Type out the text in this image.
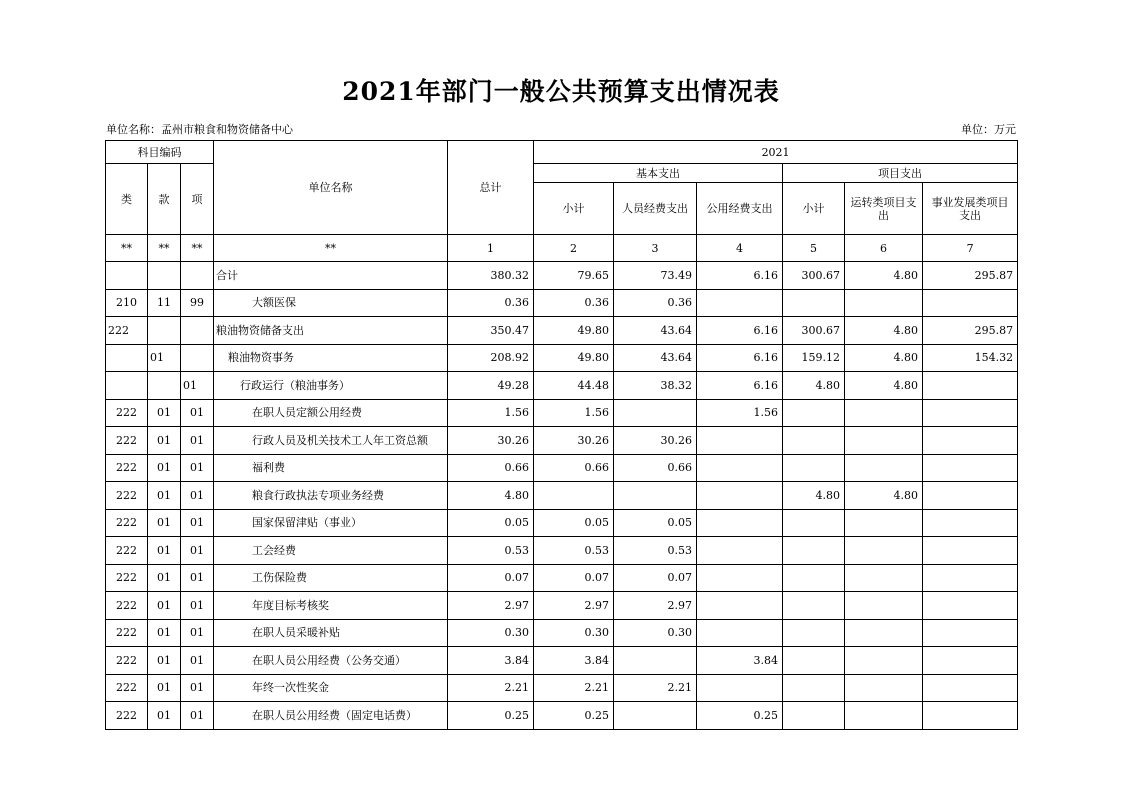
2021年部门一般公共预算支出情况表
单位名称：孟州市粮食和物资储备中心	单位：万元
科目编码			单位名称	总计	2021					
类	款	项			基本支出			项目支出		
					小计	人员经费支出	公用经费支出	小计	运转类项目支出	事业发展类项目支出
**	**	**	**	1	2	3	4	5	6	7
			合计	380.32	79.65	73.49	6.16	300.67	4.80	295.87
210	11	99	大额医保	0.36	0.36	0.36				
222			粮油物资储备支出	350.47	49.80	43.64	6.16	300.67	4.80	295.87
	01		粮油物资事务	208.92	49.80	43.64	6.16	159.12	4.80	154.32
		01	行政运行（粮油事务）	49.28	44.48	38.32	6.16	4.80	4.80	
222	01	01	在职人员定额公用经费	1.56	1.56		1.56			
222	01	01	行政人员及机关技术工人年工资总额	30.26	30.26	30.26				
222	01	01	福利费	0.66	0.66	0.66				
222	01	01	粮食行政执法专项业务经费	4.80				4.80	4.80	
222	01	01	国家保留津贴（事业）	0.05	0.05	0.05				
222	01	01	工会经费	0.53	0.53	0.53				
222	01	01	工伤保险费	0.07	0.07	0.07				
222	01	01	年度目标考核奖	2.97	2.97	2.97				
222	01	01	在职人员采暖补贴	0.30	0.30	0.30				
222	01	01	在职人员公用经费（公务交通）	3.84	3.84		3.84			
222	01	01	年终一次性奖金	2.21	2.21	2.21				
222	01	01	在职人员公用经费（固定电话费）	0.25	0.25		0.25			
